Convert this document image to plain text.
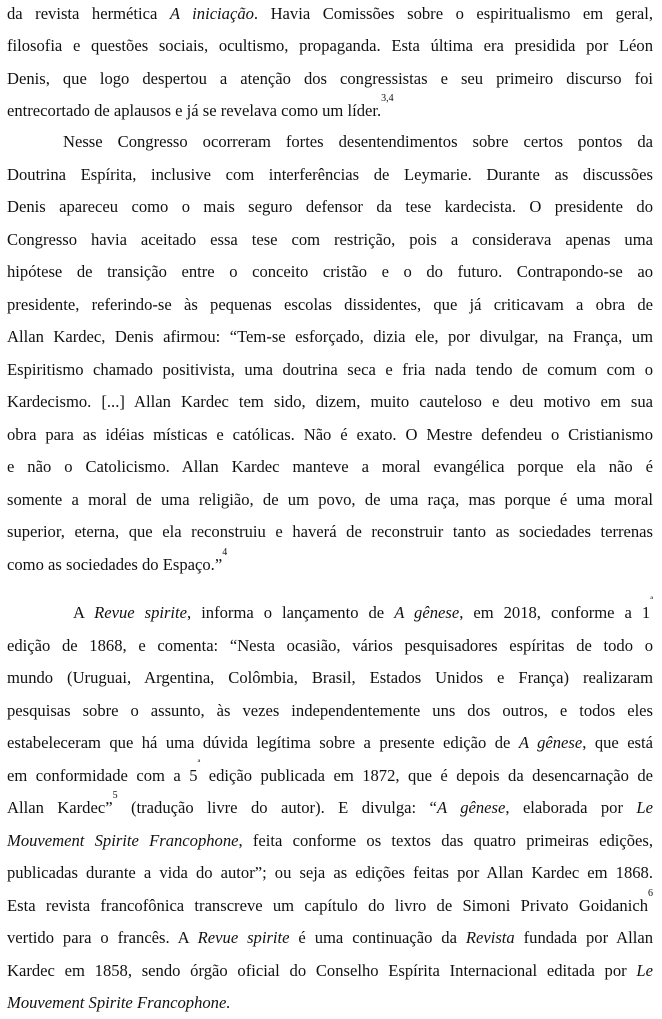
da revista hermética A iniciação. Havia Comissões sobre o espiritualismo em geral,
filosofia e questões sociais, ocultismo, propaganda. Esta última era presidida por Léon
Denis, que logo despertou a atenção dos congressistas e seu primeiro discurso foi
entrecortado de aplausos e já se revelava como um líder.$^{3,4}$
Nesse Congresso ocorreram fortes desentendimentos sobre certos pontos da
Doutrina Espírita, inclusive com interferências de Leymarie. Durante as discussões
Denis apareceu como o mais seguro defensor da tese kardecista. O presidente do
Congresso havia aceitado essa tese com restrição, pois a considerava apenas uma
hipótese de transição entre o conceito cristão e o do futuro. Contrapondo-se ao
presidente, referindo-se às pequenas escolas dissidentes, que já criticavam a obra de
Allan Kardec, Denis afirmou: “Tem-se esforçado, dizia ele, por divulgar, na França, um
Espiritismo chamado positivista, uma doutrina seca e fria nada tendo de comum com o
Kardecismo. [...] Allan Kardec tem sido, dizem, muito cauteloso e deu motivo em sua
obra para as idéias místicas e católicas. Não é exato. O Mestre defendeu o Cristianismo
e não o Catolicismo. Allan Kardec manteve a moral evangélica porque ela não é
somente a moral de uma religião, de um povo, de uma raça, mas porque é uma moral
superior, eterna, que ela reconstruiu e haverá de reconstruir tanto as sociedades terrenas
como as sociedades do Espaço.”$^4$
A Revue spirite, informa o lançamento de A gênese, em 2018, conforme a $1^ª$
edição de 1868, e comenta: “Nesta ocasião, vários pesquisadores espíritas de todo o
mundo (Uruguai, Argentina, Colômbia, Brasil, Estados Unidos e França) realizaram
pesquisas sobre o assunto, às vezes independentemente uns dos outros, e todos eles
estabeleceram que há uma dúvida legítima sobre a presente edição de A gênese, que está
em conformidade com a $5^ª$ edição publicada em 1872, que é depois da desencarnação de
Allan Kardec”$^5$ (tradução livre do autor). E divulga: “A gênese, elaborada por Le
Mouvement Spirite Francophone, feita conforme os textos das quatro primeiras edições,
publicadas durante a vida do autor”; ou seja as edições feitas por Allan Kardec em 1868.
Esta revista francofônica transcreve um capítulo do livro de Simoni Privato Goidanich$^6$
vertido para o francês. A Revue spirite é uma continuação da Revista fundada por Allan
Kardec em 1858, sendo órgão oficial do Conselho Espírita Internacional editada por Le
Mouvement Spirite Francophone.
